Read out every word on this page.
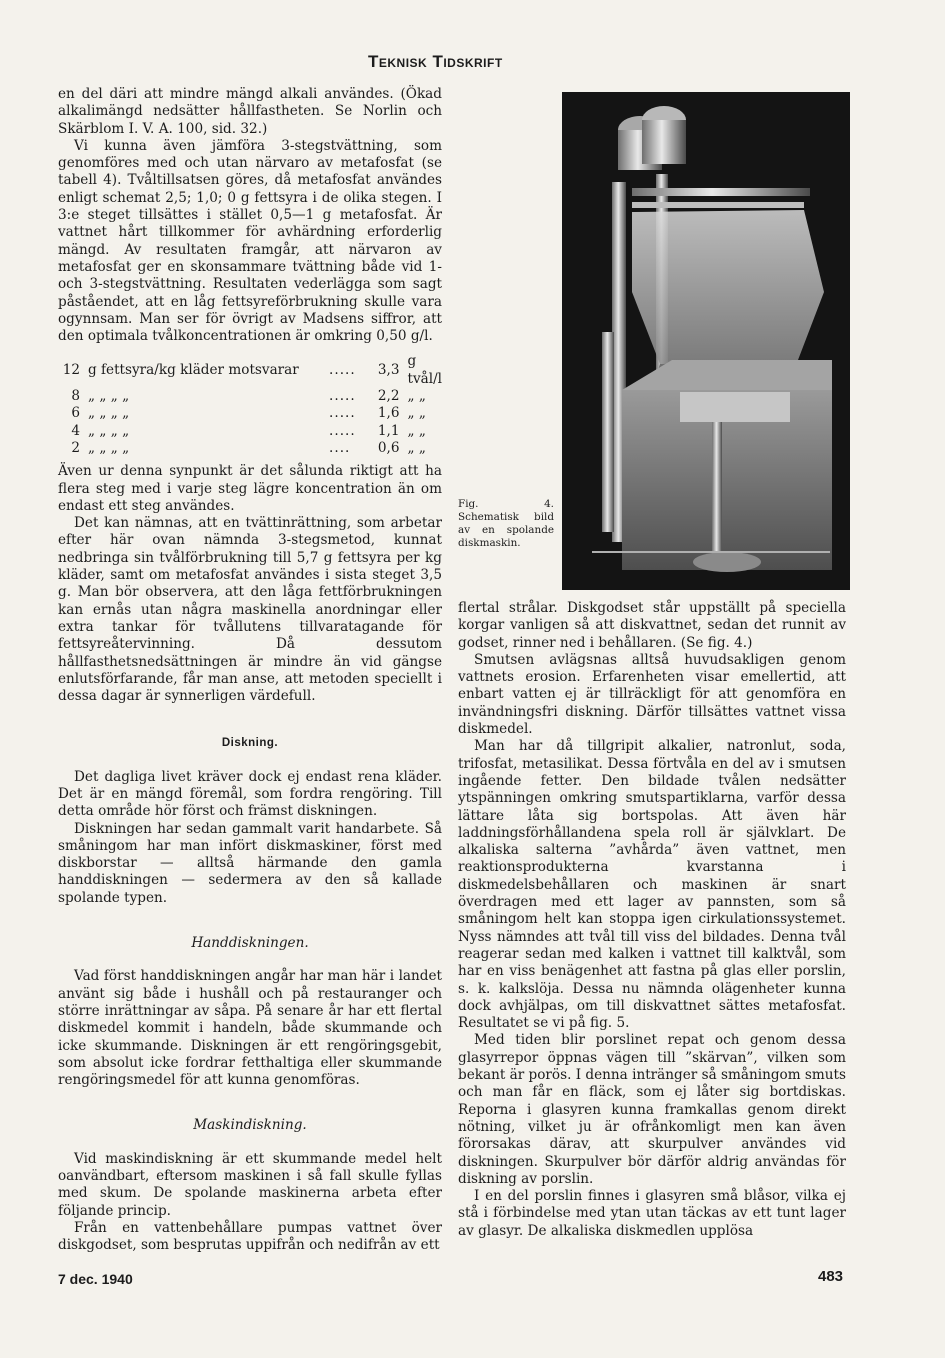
Teknisk Tidskrift

en del däri att mindre mängd alkali användes. (Ökad alkalimängd nedsätter hållfastheten. Se Norlin och Skärblom I. V. A. 100, sid. 32.)

Vi kunna även jämföra 3-stegstvättning, som genomföres med och utan närvaro av metafosfat (se tabell 4). Tvåltillsatsen göres, då metafosfat användes enligt schemat 2,5; 1,0; 0 g fettsyra i de olika stegen. I 3:e steget tillsättes i stället 0,5—1 g metafosfat. Är vattnet hårt tillkommer för avhärdning erforderlig mängd. Av resultaten framgår, att närvaron av metafosfat ger en skonsammare tvättning både vid 1- och 3-stegstvättning. Resultaten vederlägga som sagt påståendet, att en låg fettsyreförbrukning skulle vara ogynnsam. Man ser för övrigt av Madsens siffror, att den optimala tvålkoncentrationen är omkring 0,50 g/l.

12	g fettsyra/kg kläder motsvarar	.....	3,3	g tvål/l
8	„ „ „ „	.....	2,2	„ „
6	„ „ „ „	.....	1,6	„ „
4	„ „ „ „	.....	1,1	„ „
2	„ „ „ „	....	0,6	„ „

Även ur denna synpunkt är det sålunda riktigt att ha flera steg med i varje steg lägre koncentration än om endast ett steg användes.

Det kan nämnas, att en tvättinrättning, som arbetar efter här ovan nämnda 3-stegsmetod, kunnat nedbringa sin tvålförbrukning till 5,7 g fettsyra per kg kläder, samt om metafosfat användes i sista steget 3,5 g. Man bör observera, att den låga fettförbrukningen kan ernås utan några maskinella anordningar eller extra tankar för tvållutens tillvaratagande för fettsyreåtervinning. Då dessutom hållfasthetsnedsättningen är mindre än vid gängse enlutsförfarande, får man anse, att metoden speciellt i dessa dagar är synnerligen värdefull.

Diskning.

Det dagliga livet kräver dock ej endast rena kläder. Det är en mängd föremål, som fordra rengöring. Till detta område hör först och främst diskningen.

Diskningen har sedan gammalt varit handarbete. Så småningom har man infört diskmaskiner, först med diskborstar — alltså härmande den gamla handdiskningen — sedermera av den så kallade spolande typen.

Handdiskningen.

Vad först handdiskningen angår har man här i landet använt sig både i hushåll och på restauranger och större inrättningar av såpa. På senare år har ett flertal diskmedel kommit i handeln, både skummande och icke skummande. Diskningen är ett rengöringsgebit, som absolut icke fordrar fetthaltiga eller skummande rengöringsmedel för att kunna genomföras.

Maskindiskning.

Vid maskindiskning är ett skummande medel helt oanvändbart, eftersom maskinen i så fall skulle fyllas med skum. De spolande maskinerna arbeta efter följande princip.

Från en vattenbehållare pumpas vattnet över diskgodset, som besprutas uppifrån och nedifrån av ett

Fig. 4. Schematisk bild av en spolande diskmaskin.

flertal strålar. Diskgodset står uppställt på speciella korgar vanligen så att diskvattnet, sedan det runnit av godset, rinner ned i behållaren. (Se fig. 4.)

Smutsen avlägsnas alltså huvudsakligen genom vattnets erosion. Erfarenheten visar emellertid, att enbart vatten ej är tillräckligt för att genomföra en invändningsfri diskning. Därför tillsättes vattnet vissa diskmedel.

Man har då tillgripit alkalier, natronlut, soda, trifosfat, metasilikat. Dessa förtvåla en del av i smutsen ingående fetter. Den bildade tvålen nedsätter ytspänningen omkring smutspartiklarna, varför dessa lättare låta sig bortspolas. Att även här laddningsförhållandena spela roll är självklart. De alkaliska salterna ”avhårda” även vattnet, men reaktionsprodukterna kvarstanna i diskmedelsbehållaren och maskinen är snart överdragen med ett lager av pannsten, som så småningom helt kan stoppa igen cirkulationssystemet. Nyss nämndes att tvål till viss del bildades. Denna tvål reagerar sedan med kalken i vattnet till kalktvål, som har en viss benägenhet att fastna på glas eller porslin, s. k. kalkslöja. Dessa nu nämnda olägenheter kunna dock avhjälpas, om till diskvattnet sättes metafosfat. Resultatet se vi på fig. 5.

Med tiden blir porslinet repat och genom dessa glasyrrepor öppnas vägen till ”skärvan”, vilken som bekant är porös. I denna intränger så småningom smuts och man får en fläck, som ej låter sig bortdiskas. Reporna i glasyren kunna framkallas genom direkt nötning, vilket ju är ofrånkomligt men kan även förorsakas därav, att skurpulver användes vid diskningen. Skurpulver bör därför aldrig användas för diskning av porslin.

I en del porslin finnes i glasyren små blåsor, vilka ej stå i förbindelse med ytan utan täckas av ett tunt lager av glasyr. De alkaliska diskmedlen upplösa

7 dec. 1940	483
